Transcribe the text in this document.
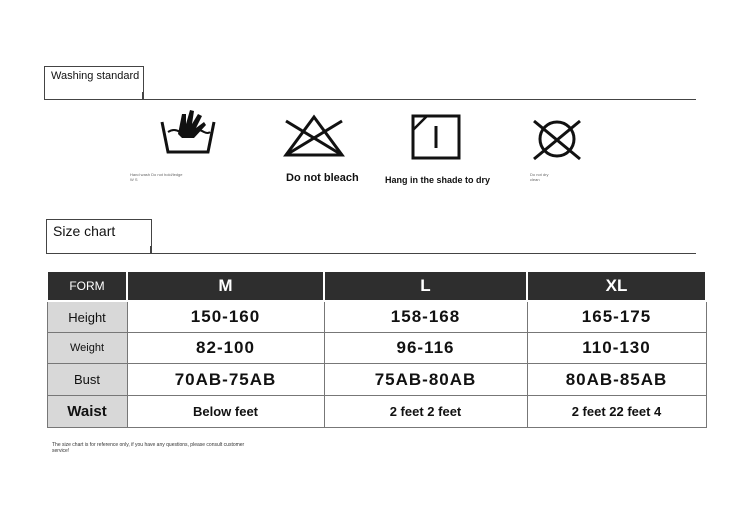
Washing standard
Hand wash Do not hold/ledge
W S	Do not bleach	Hang in the shade to dry
Do not dry
clean
Size chart
FORM	M	L	XL
Height	150-160	158-168	165-175
Weight	82-100	96-116	110-130
Bust	70AB-75AB	75AB-80AB	80AB-85AB
Waist	Below feet	2 feet 2 feet	2 feet 22 feet 4
The size chart is for reference only, if you have any questions, please consult customer service!
